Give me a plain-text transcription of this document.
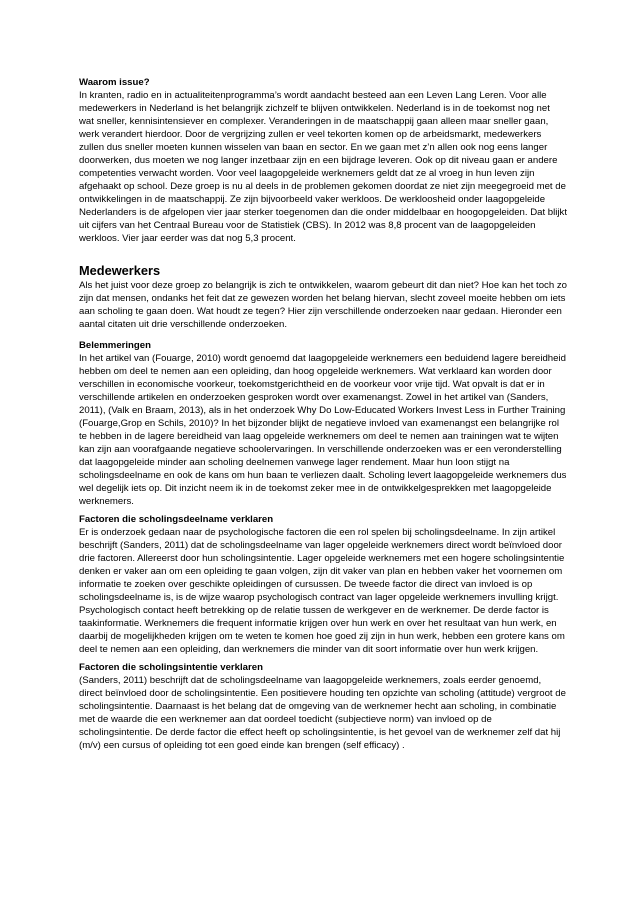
Waarom issue?

In kranten, radio en in actualiteitenprogramma’s wordt aandacht besteed aan een Leven Lang Leren. Voor alle medewerkers in Nederland is het belangrijk zichzelf te blijven ontwikkelen. Nederland is in de toekomst nog net wat sneller, kennisintensiever en complexer. Veranderingen in de maatschappij gaan alleen maar sneller gaan, werk verandert hierdoor. Door de vergrijzing zullen er veel tekorten komen op de arbeidsmarkt, medewerkers zullen dus sneller moeten kunnen wisselen van baan en sector. En we gaan met z’n allen ook nog eens langer doorwerken, dus moeten we nog langer inzetbaar zijn en een bijdrage leveren. Ook op dit niveau gaan er andere competenties verwacht worden. Voor veel laagopgeleide werknemers geldt dat ze al vroeg in hun leven zijn afgehaakt op school. Deze groep is nu al deels in de problemen gekomen doordat ze niet zijn meegegroeid met de ontwikkelingen in de maatschappij. Ze zijn bijvoorbeeld vaker werkloos. De werkloosheid onder laagopgeleide Nederlanders is de afgelopen vier jaar sterker toegenomen dan die onder middelbaar en hoogopgeleiden. Dat blijkt uit cijfers van het Centraal Bureau voor de Statistiek (CBS). In 2012 was 8,8 procent van de laagopgeleiden werkloos. Vier jaar eerder was dat nog 5,3 procent.

Medewerkers

Als het juist voor deze groep zo belangrijk is zich te ontwikkelen, waarom gebeurt dit dan niet? Hoe kan het toch zo zijn dat mensen, ondanks het feit dat ze gewezen worden het belang hiervan, slecht zoveel moeite hebben om iets aan scholing te gaan doen. Wat houdt ze tegen? Hier zijn verschillende onderzoeken naar gedaan. Hieronder een aantal citaten uit drie verschillende onderzoeken.

Belemmeringen

In het artikel van (Fouarge, 2010) wordt genoemd dat laagopgeleide werknemers een beduidend lagere bereidheid hebben om deel te nemen aan een opleiding, dan hoog opgeleide werknemers. Wat verklaard kan worden door verschillen in economische voorkeur, toekomstgerichtheid en de voorkeur voor vrije tijd. Wat opvalt is dat er in verschillende artikelen en onderzoeken gesproken wordt over examenangst. Zowel in het artikel van (Sanders, 2011), (Valk en Braam, 2013), als in het onderzoek Why Do Low-Educated Workers Invest Less in Further Training (Fouarge,Grop en Schils, 2010)? In het bijzonder blijkt de negatieve invloed van examenangst een belangrijke rol te hebben in de lagere bereidheid van laag opgeleide werknemers om deel te nemen aan trainingen wat te wijten kan zijn aan voorafgaande negatieve schoolervaringen. In verschillende onderzoeken was er een veronderstelling dat laagopgeleide minder aan scholing deelnemen vanwege lager rendement. Maar hun loon stijgt na scholingsdeelname en ook de kans om hun baan te verliezen daalt. Scholing levert laagopgeleide werknemers dus wel degelijk iets op. Dit inzicht neem ik in de toekomst zeker mee in de ontwikkelgesprekken met laagopgeleide werknemers.

Factoren die scholingsdeelname verklaren

Er is onderzoek gedaan naar de psychologische factoren die een rol spelen bij scholingsdeelname. In zijn artikel beschrijft (Sanders, 2011) dat de scholingsdeelname van lager opgeleide werknemers direct wordt beïnvloed door drie factoren. Allereerst door hun scholingsintentie. Lager opgeleide werknemers met een hogere scholingsintentie denken er vaker aan om een opleiding te gaan volgen, zijn dit vaker van plan en hebben vaker het voornemen om informatie te zoeken over geschikte opleidingen of cursussen. De tweede factor die direct van invloed is op scholingsdeelname is, is de wijze waarop psychologisch contract van lager opgeleide werknemers invulling krijgt. Psychologisch contact heeft betrekking op de relatie tussen de werkgever en de werknemer. De derde factor is taakinformatie. Werknemers die frequent informatie krijgen over hun werk en over het resultaat van hun werk, en daarbij de mogelijkheden krijgen om te weten te komen hoe goed zij zijn in hun werk, hebben een grotere kans om deel te nemen aan een opleiding, dan werknemers die minder van dit soort informatie over hun werk krijgen.

Factoren die scholingsintentie verklaren

(Sanders, 2011) beschrijft dat de scholingsdeelname van laagopgeleide werknemers, zoals eerder genoemd, direct beïnvloed door de scholingsintentie. Een positievere houding ten opzichte van scholing (attitude) vergroot de scholingsintentie. Daarnaast is het belang dat de omgeving van de werknemer hecht aan scholing, in combinatie met de waarde die een werknemer aan dat oordeel toedicht (subjectieve norm) van invloed op de scholingsintentie. De derde factor die effect heeft op scholingsintentie, is het gevoel van de werknemer zelf dat hij (m/v) een cursus of opleiding tot een goed einde kan brengen (self efficacy) .
